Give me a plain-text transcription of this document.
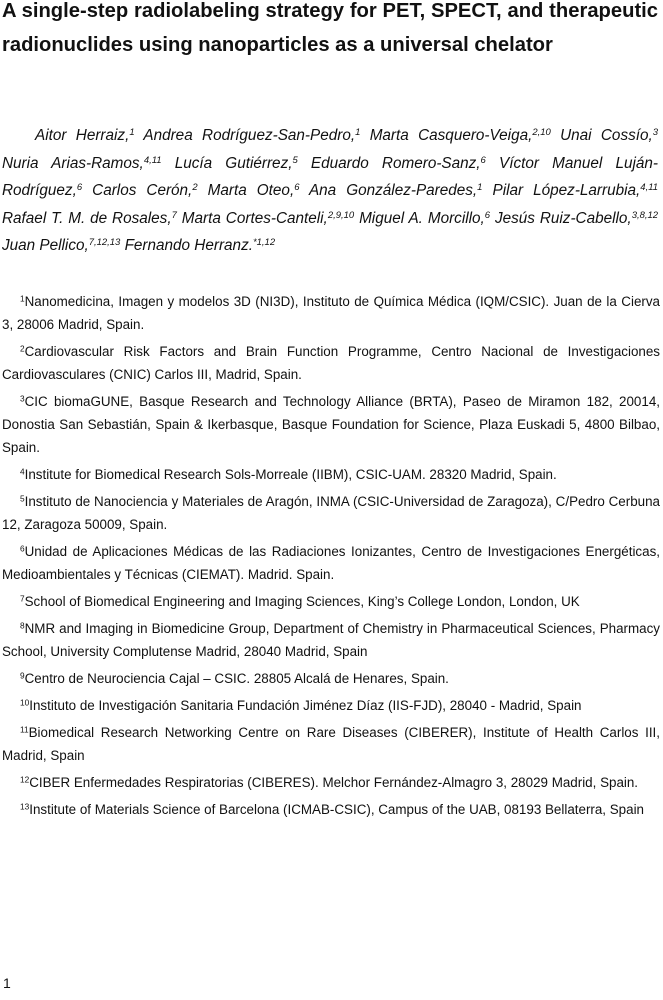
A single-step radiolabeling strategy for PET, SPECT, and therapeutic radionuclides using nanoparticles as a universal chelator

Aitor Herraiz,$^1$ Andrea Rodríguez-San-Pedro,$^1$ Marta Casquero-Veiga,$^{2,10}$ Unai Cossío,$^3$ Nuria Arias-Ramos,$^{4,11}$ Lucía Gutiérrez,$^5$ Eduardo Romero-Sanz,$^6$ Víctor Manuel Luján-Rodríguez,$^6$ Carlos Cerón,$^2$ Marta Oteo,$^6$ Ana González-Paredes,$^1$ Pilar López-Larrubia,$^{4,11}$ Rafael T. M. de Rosales,$^7$ Marta Cortes-Canteli,$^{2,9,10}$ Miguel A. Morcillo,$^6$ Jesús Ruiz-Cabello,$^{3,8,12}$ Juan Pellico,$^{7,12,13}$ Fernando Herranz.$^{*1,12}$

$^1$Nanomedicina, Imagen y modelos 3D (NI3D), Instituto de Química Médica (IQM/CSIC). Juan de la Cierva 3, 28006 Madrid, Spain.

$^2$Cardiovascular Risk Factors and Brain Function Programme, Centro Nacional de Investigaciones Cardiovasculares (CNIC) Carlos III, Madrid, Spain.

$^3$CIC biomaGUNE, Basque Research and Technology Alliance (BRTA), Paseo de Miramon 182, 20014, Donostia San Sebastián, Spain & Ikerbasque, Basque Foundation for Science, Plaza Euskadi 5, 4800 Bilbao, Spain.

$^4$Institute for Biomedical Research Sols-Morreale (IIBM), CSIC-UAM. 28320 Madrid, Spain.

$^5$Instituto de Nanociencia y Materiales de Aragón, INMA (CSIC-Universidad de Zaragoza), C/Pedro Cerbuna 12, Zaragoza 50009, Spain.

$^6$Unidad de Aplicaciones Médicas de las Radiaciones Ionizantes, Centro de Investigaciones Energéticas, Medioambientales y Técnicas (CIEMAT). Madrid. Spain.

$^7$School of Biomedical Engineering and Imaging Sciences, King’s College London, London, UK

$^8$NMR and Imaging in Biomedicine Group, Department of Chemistry in Pharmaceutical Sciences, Pharmacy School, University Complutense Madrid, 28040 Madrid, Spain

$^9$Centro de Neurociencia Cajal – CSIC. 28805 Alcalá de Henares, Spain.

$^{10}$Instituto de Investigación Sanitaria Fundación Jiménez Díaz (IIS-FJD), 28040 - Madrid, Spain

$^{11}$Biomedical Research Networking Centre on Rare Diseases (CIBERER), Institute of Health Carlos III, Madrid, Spain

$^{12}$CIBER Enfermedades Respiratorias (CIBERES). Melchor Fernández-Almagro 3, 28029 Madrid, Spain.

$^{13}$Institute of Materials Science of Barcelona (ICMAB-CSIC), Campus of the UAB, 08193 Bellaterra, Spain

1
